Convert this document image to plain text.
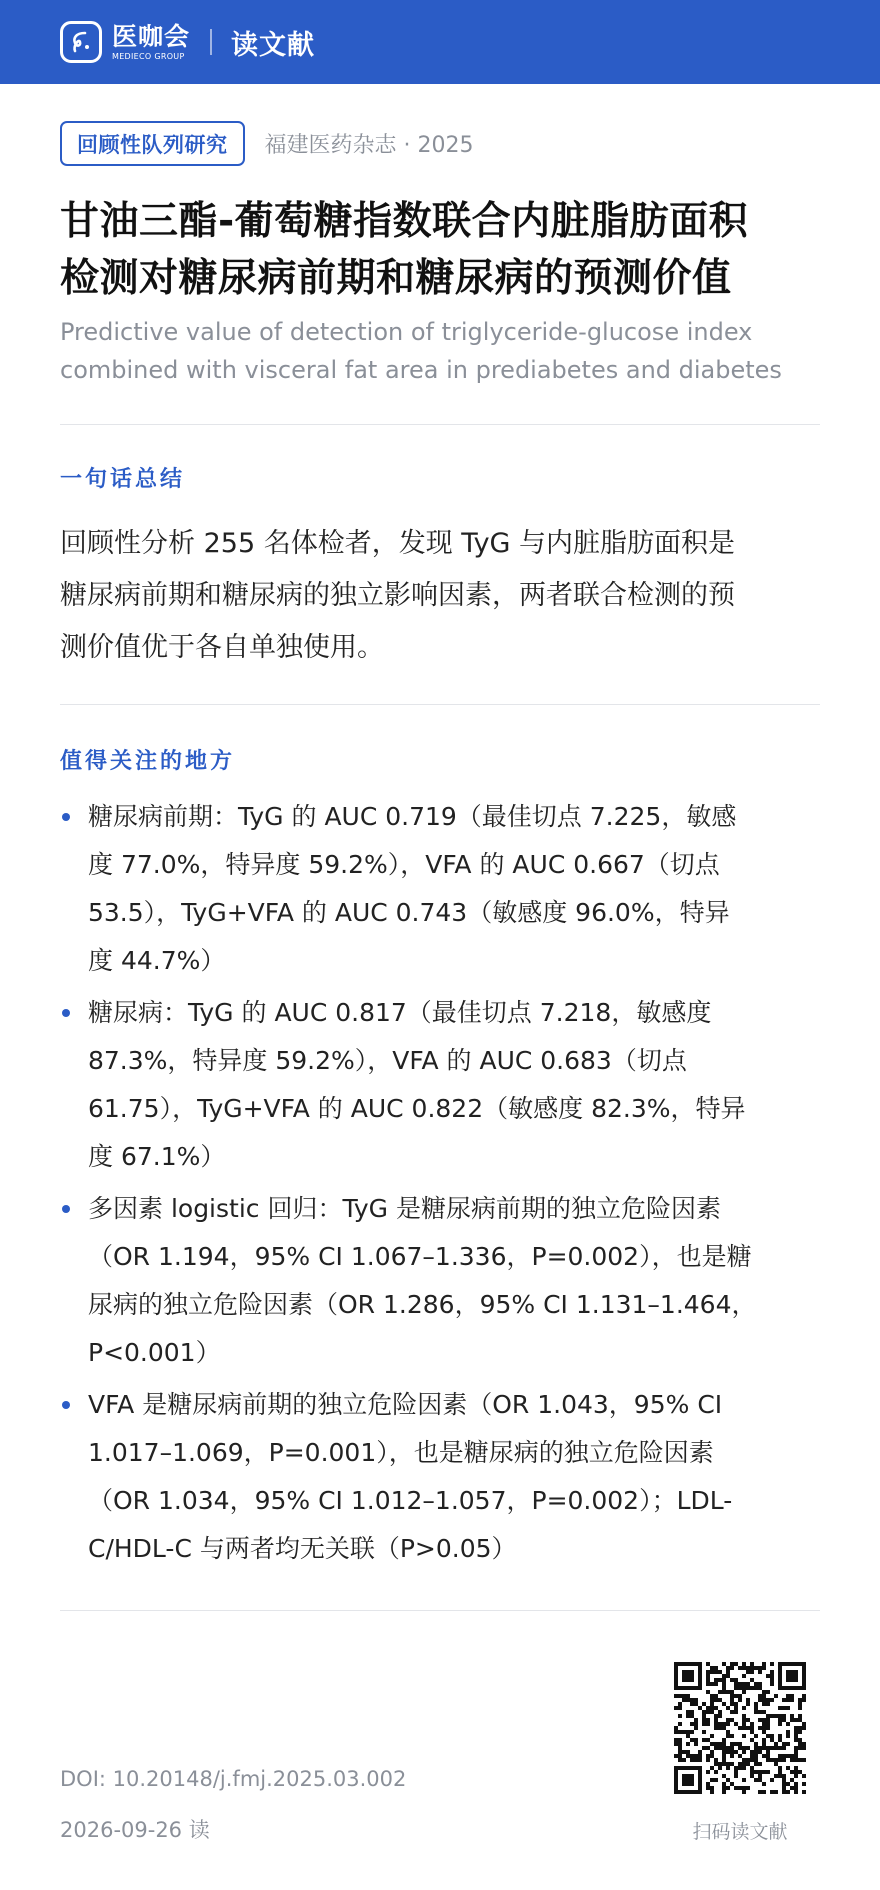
医咖会
MEDIECO GROUP 读文献
回顾性队列研究	福建医药杂志 · 2025
甘油三酯-葡萄糖指数联合内脏脂肪面积
检测对糖尿病前期和糖尿病的预测价值
Predictive value of detection of triglyceride-glucose index
combined with visceral fat area in prediabetes and diabetes
一句话总结

回顾性分析 255 名体检者，发现 TyG 与内脏脂肪面积是
糖尿病前期和糖尿病的独立影响因素，两者联合检测的预
测价值优于各自单独使用。

值得关注的地方
糖尿病前期：TyG 的 AUC 0.719（最佳切点 7.225，敏感
度 77.0%，特异度 59.2%），VFA 的 AUC 0.667（切点
53.5），TyG+VFA 的 AUC 0.743（敏感度 96.0%，特异
度 44.7%）
糖尿病：TyG 的 AUC 0.817（最佳切点 7.218，敏感度
87.3%，特异度 59.2%），VFA 的 AUC 0.683（切点
61.75），TyG+VFA 的 AUC 0.822（敏感度 82.3%，特异
度 67.1%）
多因素 logistic 回归：TyG 是糖尿病前期的独立危险因素
（OR 1.194，95% CI 1.067–1.336，P=0.002），也是糖
尿病的独立危险因素（OR 1.286，95% CI 1.131–1.464，
P<0.001）
VFA 是糖尿病前期的独立危险因素（OR 1.043，95% CI
1.017–1.069，P=0.001），也是糖尿病的独立危险因素
（OR 1.034，95% CI 1.012–1.057，P=0.002）；LDL-
C/HDL-C 与两者均无关联（P>0.05）
DOI: 10.20148/j.fmj.2025.03.002
2026-09-26 读	扫码读文献
